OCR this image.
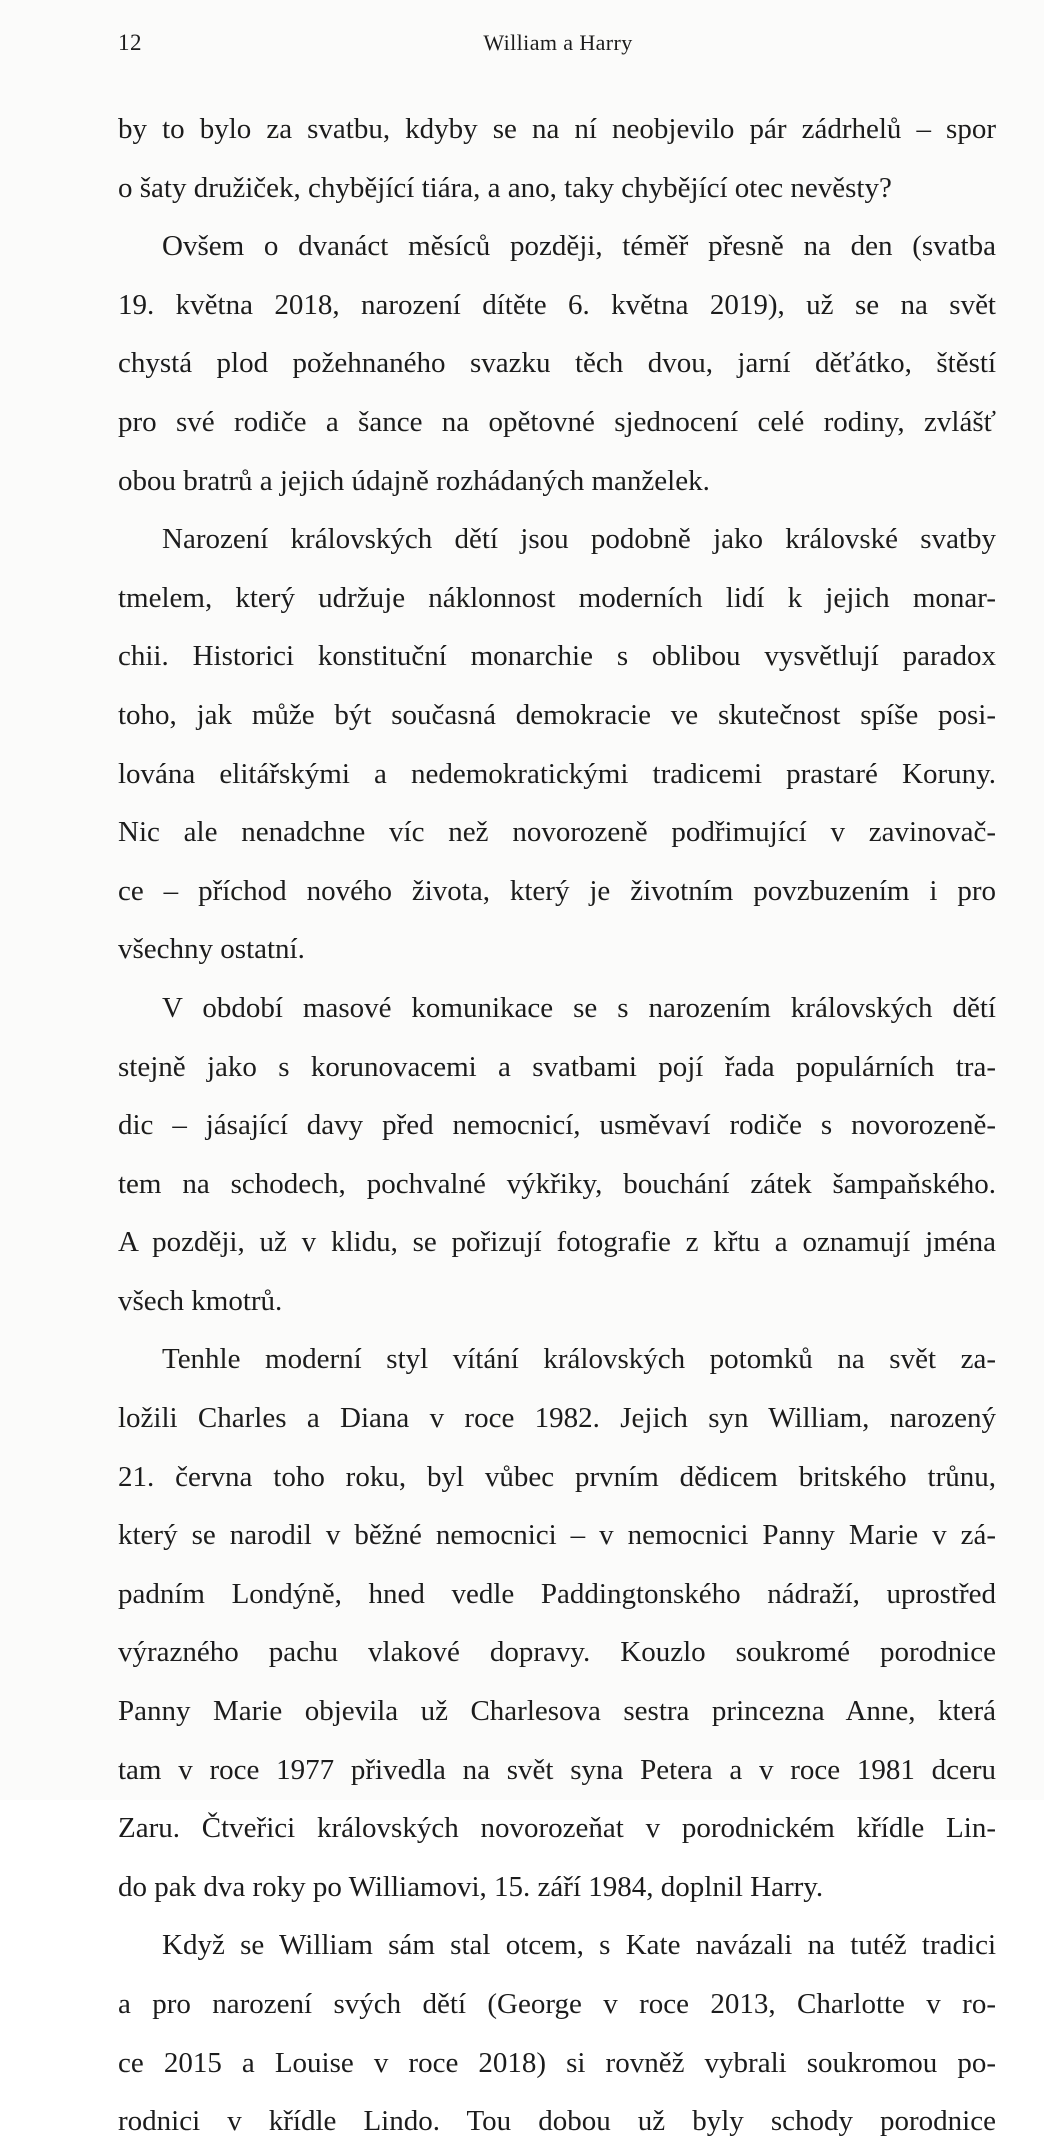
12	William a Harry
by to bylo za svatbu, kdyby se na ní neobjevilo pár zádrhelů – spor
o šaty družiček, chybějící tiára, a ano, taky chybějící otec nevěsty?
Ovšem o dvanáct měsíců později, téměř přesně na den (svatba
19. května 2018, narození dítěte 6. května 2019), už se na svět
chystá plod požehnaného svazku těch dvou, jarní děťátko, štěstí
pro své rodiče a šance na opětovné sjednocení celé rodiny, zvlášť
obou bratrů a jejich údajně rozhádaných manželek.
Narození královských dětí jsou podobně jako královské svatby
tmelem, který udržuje náklonnost moderních lidí k jejich monar-
chii. Historici konstituční monarchie s oblibou vysvětlují paradox
toho, jak může být současná demokracie ve skutečnost spíše posi-
lována elitářskými a nedemokratickými tradicemi prastaré Koruny.
Nic ale nenadchne víc než novorozeně podřimující v zavinovač-
ce – příchod nového života, který je životním povzbuzením i pro
všechny ostatní.
V období masové komunikace se s narozením královských dětí
stejně jako s korunovacemi a svatbami pojí řada populárních tra-
dic – jásající davy před nemocnicí, usměvaví rodiče s novorozeně-
tem na schodech, pochvalné výkřiky, bouchání zátek šampaňského.
A později, už v klidu, se pořizují fotografie z křtu a oznamují jména
všech kmotrů.
Tenhle moderní styl vítání královských potomků na svět za-
ložili Charles a Diana v roce 1982. Jejich syn William, narozený
21. června toho roku, byl vůbec prvním dědicem britského trůnu,
který se narodil v běžné nemocnici – v nemocnici Panny Marie v zá-
padním Londýně, hned vedle Paddingtonského nádraží, uprostřed
výrazného pachu vlakové dopravy. Kouzlo soukromé porodnice
Panny Marie objevila už Charlesova sestra princezna Anne, která
tam v roce 1977 přivedla na svět syna Petera a v roce 1981 dceru
Zaru. Čtveřici královských novorozeňat v porodnickém křídle Lin-
do pak dva roky po Williamovi, 15. září 1984, doplnil Harry.
Když se William sám stal otcem, s Kate navázali na tutéž tradici
a pro narození svých dětí (George v roce 2013, Charlotte v ro-
ce 2015 a Louise v roce 2018) si rovněž vybrali soukromou po-
rodnici v křídle Lindo. Tou dobou už byly schody porodnice
